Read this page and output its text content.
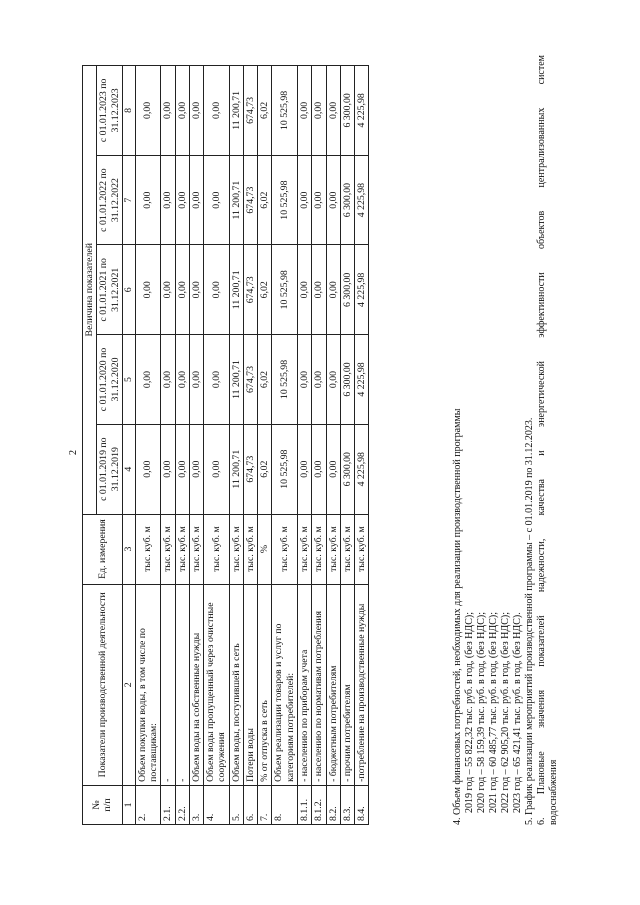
2
№
п/п	Показатели производственной деятельности	Ед. измерения	Величина показателей				
			с 01.01.2019 по 31.12.2019	с 01.01.2020 по 31.12.2020	с 01.01.2021 по 31.12.2021	с 01.01.2022 по 31.12.2022	с 01.01.2023 по 31.12.2023
1	2	3	4	5	6	7	8
2.	Объем покупки воды, в том числе по поставщикам:	тыс. куб. м	0,00	0,00	0,00	0,00	0,00
2.1.	-	тыс. куб. м	0,00	0,00	0,00	0,00	0,00
2.2.	-	тыс. куб. м	0,00	0,00	0,00	0,00	0,00
3.	Объем воды на собственные нужды	тыс. куб. м	0,00	0,00	0,00	0,00	0,00
4.	Объем воды пропущенный через очистные сооружения	тыс. куб. м	0,00	0,00	0,00	0,00	0,00
5.	Объем воды, поступившей в сеть	тыс. куб. м	11 200,71	11 200,71	11 200,71	11 200,71	11 200,71
6.	Потери воды	тыс. куб. м	674,73	674,73	674,73	674,73	674,73
7.	% от отпуска в сеть	%	6,02	6,02	6,02	6,02	6,02
8.	Объем реализации товаров и услуг по категориям потребителей:	тыс. куб. м	10 525,98	10 525,98	10 525,98	10 525,98	10 525,98
8.1.1.	- населению по приборам учета	тыс. куб. м	0,00	0,00	0,00	0,00	0,00
8.1.2.	- населению по нормативам потребления	тыс. куб. м	0,00	0,00	0,00	0,00	0,00
8.2.	- бюджетным потребителям	тыс. куб. м	0,00	0,00	0,00	0,00	0,00
8.3.	- прочим потребителям	тыс. куб. м	6 300,00	6 300,00	6 300,00	6 300,00	6 300,00
8.4.	-потребление на производственные нужды	тыс. куб. м	4 225,98	4 225,98	4 225,98	4 225,98	4 225,98
4. Объем финансовых потребностей, необходимых для реализации производственной программы 2019 год – 55 822,32 тыс. руб. в год, (без НДС); 2020 год – 58 159,39 тыс. руб. в год, (без НДС); 2021 год – 60 485,77 тыс. руб. в год, (без НДС); 2022 год – 62 905,20 тыс. руб. в год, (без НДС); 2023 год – 65 421,41 тыс. руб. в год, (без НДС). 5. График реализации мероприятий производственной программы – с 01.01.2019 по 31.12.2023. 6. Плановые значения показателей надежности, качества и энергетической эффективности объектов централизованных систем водоснабжения
